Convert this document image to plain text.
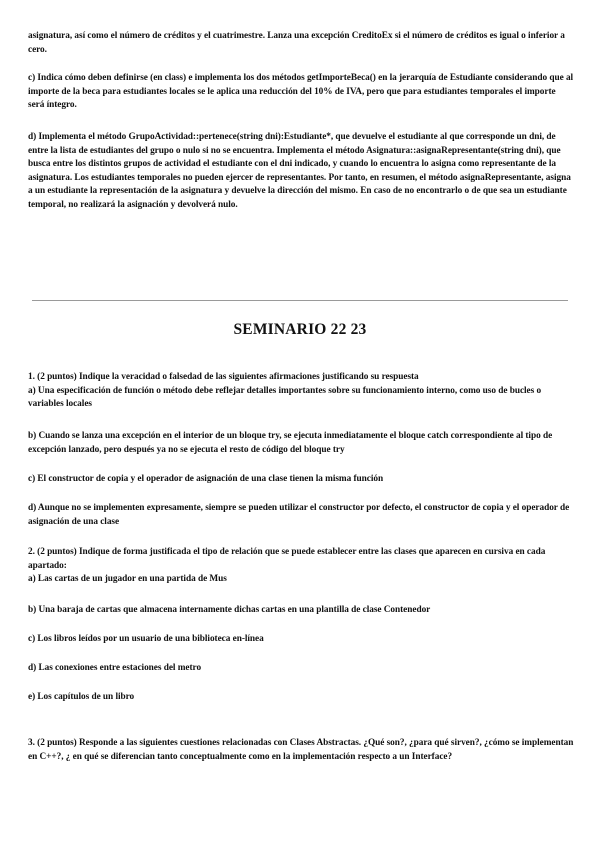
asignatura, así como el número de créditos y el cuatrimestre. Lanza una excepción CreditoEx si el número de créditos es igual o inferior a cero.

c) Indica cómo deben definirse (en class) e implementa los dos métodos getImporteBeca() en la jerarquía de Estudiante considerando que al importe de la beca para estudiantes locales se le aplica una reducción del 10% de IVA, pero que para estudiantes temporales el importe será íntegro.

d) Implementa el método GrupoActividad::pertenece(string dni):Estudiante*, que devuelve el estudiante al que corresponde un dni, de entre la lista de estudiantes del grupo o nulo si no se encuentra. Implementa el método Asignatura::asignaRepresentante(string dni), que busca entre los distintos grupos de actividad el estudiante con el dni indicado, y cuando lo encuentra lo asigna como representante de la asignatura. Los estudiantes temporales no pueden ejercer de representantes. Por tanto, en resumen, el método asignaRepresentante, asigna a un estudiante la representación de la asignatura y devuelve la dirección del mismo. En caso de no encontrarlo o de que sea un estudiante temporal, no realizará la asignación y devolverá nulo.

SEMINARIO 22 23

1. (2 puntos) Indique la veracidad o falsedad de las siguientes afirmaciones justificando su respuesta

a) Una especificación de función o método debe reflejar detalles importantes sobre su funcionamiento interno, como uso de bucles o variables locales

b) Cuando se lanza una excepción en el interior de un bloque try, se ejecuta inmediatamente el bloque catch correspondiente al tipo de excepción lanzado, pero después ya no se ejecuta el resto de código del bloque try

c) El constructor de copia y el operador de asignación de una clase tienen la misma función

d) Aunque no se implementen expresamente, siempre se pueden utilizar el constructor por defecto, el constructor de copia y el operador de asignación de una clase

2. (2 puntos) Indique de forma justificada el tipo de relación que se puede establecer entre las clases que aparecen en cursiva en cada apartado:

a) Las cartas de un jugador en una partida de Mus

b) Una baraja de cartas que almacena internamente dichas cartas en una plantilla de clase Contenedor

c) Los libros leídos por un usuario de una biblioteca en-línea

d) Las conexiones entre estaciones del metro

e) Los capítulos de un libro

3. (2 puntos) Responde a las siguientes cuestiones relacionadas con Clases Abstractas. ¿Qué son?, ¿para qué sirven?, ¿cómo se implementan en C++?, ¿ en qué se diferencian tanto conceptualmente como en la implementación respecto a un Interface?
